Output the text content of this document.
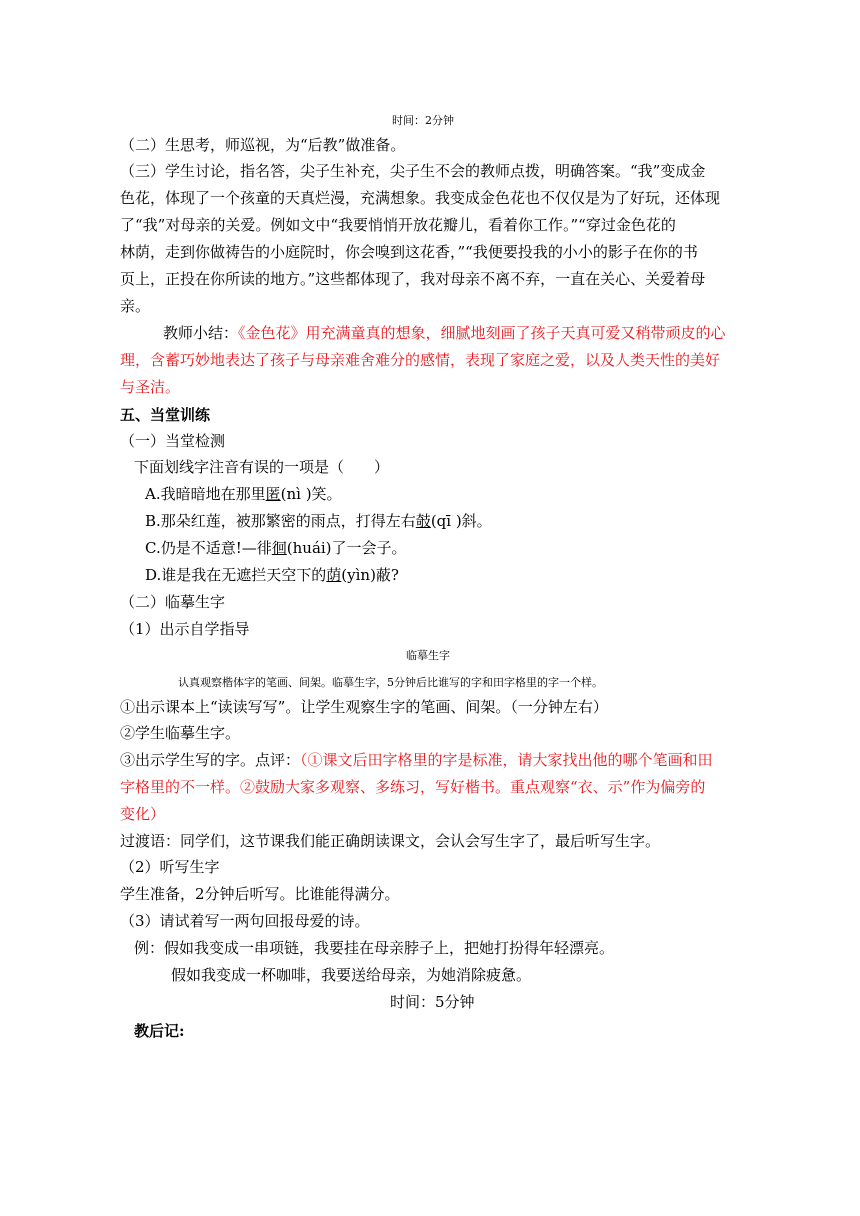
时间：2分钟
（二）生思考，师巡视，为“后教”做准备。
（三）学生讨论，指名答，尖子生补充，尖子生不会的教师点拨，明确答案。“我”变成金
色花，体现了一个孩童的天真烂漫，充满想象。我变成金色花也不仅仅是为了好玩，还体现
了“我”对母亲的关爱。例如文中“我要悄悄开放花瓣儿，看着你工作。”“穿过金色花的
林荫，走到你做祷告的小庭院时，你会嗅到这花香，”“我便要投我的小小的影子在你的书
页上，正投在你所读的地方。”这些都体现了，我对母亲不离不弃，一直在关心、关爱着母
亲。
教师小结：《金色花》用充满童真的想象，细腻地刻画了孩子天真可爱又稍带顽皮的心
理，含蓄巧妙地表达了孩子与母亲难舍难分的感情，表现了家庭之爱，以及人类天性的美好
与圣洁。
五、当堂训练
（一）当堂检测
下面划线字注音有误的一项是（　　）
A.我暗暗地在那里匿(nì )笑。
B.那朵红莲，被那繁密的雨点，打得左右攲(qī )斜。
C.仍是不适意!—徘徊(huái)了一会子。
D.谁是我在无遮拦天空下的荫(yìn)蔽?
（二）临摹生字
（1）出示自学指导
临摹生字
认真观察楷体字的笔画、间架。临摹生字，5分钟后比谁写的字和田字格里的字一个样。
①出示课本上“读读写写”。让学生观察生字的笔画、间架。（一分钟左右）
②学生临摹生字。
③出示学生写的字。点评：（①课文后田字格里的字是标准，请大家找出他的哪个笔画和田
字格里的不一样。②鼓励大家多观察、多练习，写好楷书。重点观察“衣、示”作为偏旁的
变化）
过渡语：同学们，这节课我们能正确朗读课文，会认会写生字了，最后听写生字。
（2）听写生字
学生准备，2分钟后听写。比谁能得满分。
（3）请试着写一两句回报母爱的诗。
例：假如我变成一串项链，我要挂在母亲脖子上，把她打扮得年轻漂亮。
假如我变成一杯咖啡，我要送给母亲，为她消除疲惫。
时间：5分钟
教后记:
